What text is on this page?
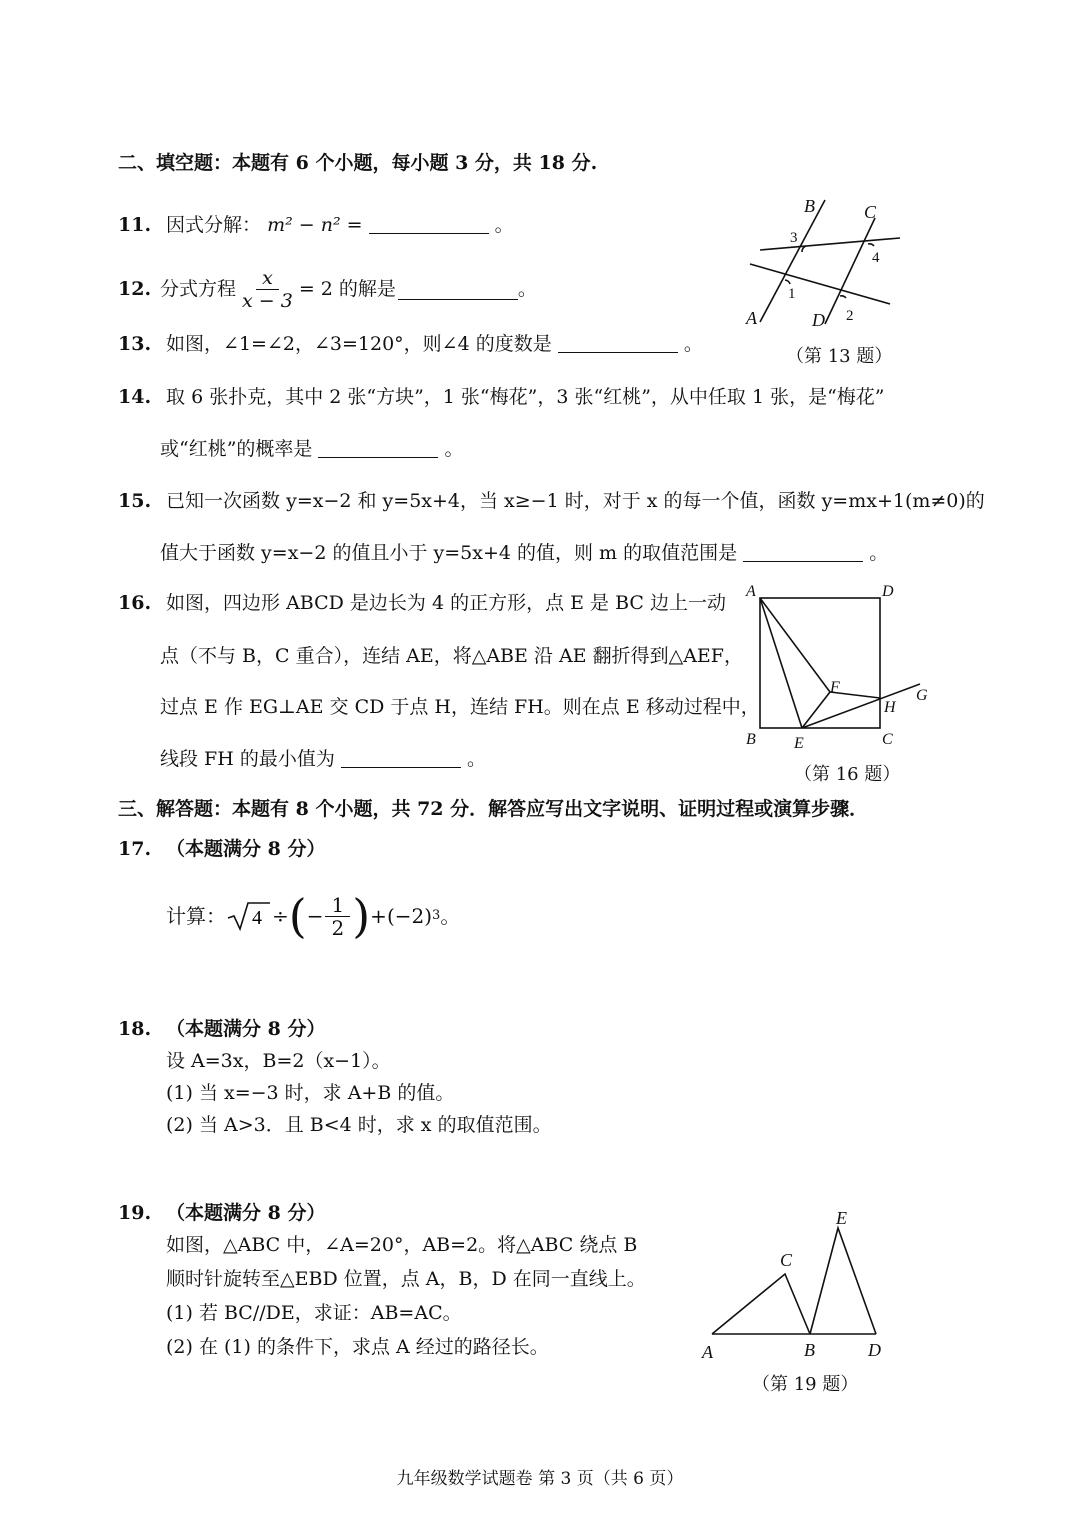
二、填空题：本题有 6 个小题，每小题 3 分，共 18 分.
11. 因式分解： m² − n² =	。
12. 分式方程 $\frac{x}{x - 3} = 2$ 的解是	。
13. 如图，∠1=∠2，∠3=120°，则∠4 的度数是	。
B	C
A	D
3
4
1
2
（第 13 题）
14. 取 6 张扑克，其中 2 张“方块”，1 张“梅花”，3 张“红桃”，从中任取 1 张，是“梅花”
或“红桃”的概率是	。
15. 已知一次函数 y=x−2 和 y=5x+4，当 x≥−1 时，对于 x 的每一个值，函数 y=mx+1(m≠0)的
值大于函数 y=x−2 的值且小于 y=5x+4 的值，则 m 的取值范围是	。
16. 如图，四边形 ABCD 是边长为 4 的正方形，点 E 是 BC 边上一动
点（不与 B，C 重合），连结 AE，将△ABE 沿 AE 翻折得到△AEF，
过点 E 作 EG⊥AE 交 CD 于点 H，连结 FH。则在点 E 移动过程中，
线段 FH 的最小值为	。
A	D
B	C
E
F	G
H
（第 16 题）
三、解答题：本题有 8 个小题，共 72 分．解答应写出文字说明、证明过程或演算步骤．
17. （本题满分 8 分）
计算： 4 ÷ ( − $\frac{1}{2}$ ) + (−2) 3 。
18. （本题满分 8 分）
设 A=3x，B=2（x−1）。
(1) 当 x=−3 时，求 A+B 的值。
(2) 当 A>3．且 B<4 时，求 x 的取值范围。
19. （本题满分 8 分）
如图，△ABC 中，∠A=20°，AB=2。将△ABC 绕点 B
顺时针旋转至△EBD 位置，点 A，B，D 在同一直线上。
(1) 若 BC//DE，求证：AB=AC。
(2) 在 (1) 的条件下，求点 A 经过的路径长。	A	B
C
D
E
（第 19 题）
九年级数学试题卷 第 3 页（共 6 页）
